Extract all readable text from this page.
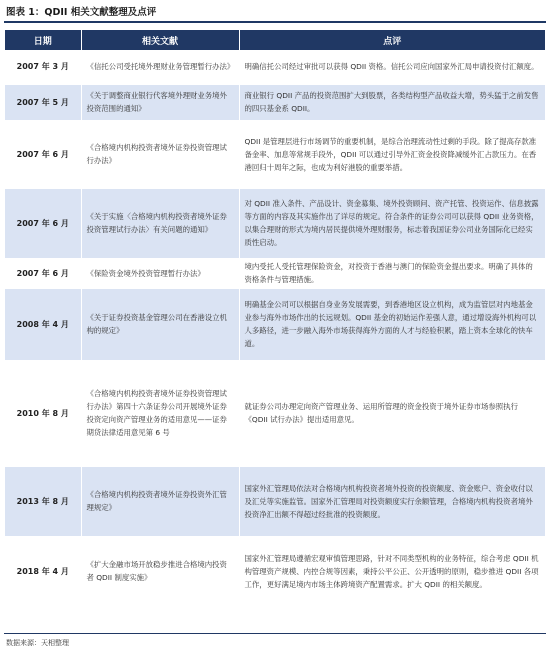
图表 1：QDII 相关文献整理及点评
日期	相关文献	点评
2007 年 3 月	《信托公司受托境外理财业务管理暂行办法》	明确信托公司经过审批可以获得 QDII 资格。信托公司应向国家外汇局申请投资付汇额度。
2007 年 5 月	《关于调整商业银行代客境外理财业务境外投资范围的通知》	商业银行 QDII 产品的投资范围扩大到股票，各类结构型产品收益大增，势头猛于之前发售的四只基金系 QDII。
2007 年 6 月	《合格境内机构投资者境外证券投资管理试行办法》	QDII 是管理层进行市场调节的重要机制，是综合治理流动性过剩的手段。除了提高存款准备金率、加息等常规手段外，QDII 可以通过引导外汇资金投资降减缓外汇占款压力。在香港回归十周年之际，也成为利好港股的重要举措。
2007 年 6 月	《关于实施〈合格境内机构投资者境外证券投资管理试行办法〉有关问题的通知》	对 QDII 准入条件、产品设计、资金募集、境外投资顾问、资产托管、投资运作、信息披露等方面的内容及其实施作出了详尽的规定。符合条件的证券公司可以获得 QDII 业务资格，以集合理财的形式为境内居民提供境外理财服务，标志着我国证券公司业务国际化已经实质性启动。
2007 年 6 月	《保险资金境外投资管理暂行办法》	境内受托人受托管理保险资金，对投资于香港与澳门的保险资金提出要求。明确了具体的资格条件与管理措施。
2008 年 4 月	《关于证券投资基金管理公司在香港设立机构的规定》	明确基金公司可以根据自身业务发展需要，到香港地区设立机构，成为监管层对内地基金业参与海外市场作出的长远规划。QDII 基金的初始运作差强人意，通过增设海外机构可以人多路径，进一步融入海外市场获得海外方面的人才与经验积累，踏上资本全球化的快车道。
2010 年 8 月	《合格境内机构投资者境外证券投资管理试行办法》第四十六条证券公司开展境外证券投资定向资产管理业务的适用意见——证券期货法律适用意见第 6 号	就证券公司办理定向资产管理业务、运用所管理的资金投资于境外证券市场参照执行《QDII 试行办法》提出适用意见。
2013 年 8 月	《合格境内机构投资者境外证券投资外汇管理规定》	国家外汇管理局依法对合格境内机构投资者境外投资的投资额度、资金账户、资金收付以及汇兑等实施监管。国家外汇管理局对投资额度实行余额管理，合格境内机构投资者境外投资净汇出额不得超过经批准的投资额度。
2018 年 4 月	《扩大金融市场开放稳步推进合格境内投资者 QDII 制度实施》	国家外汇管理局遵循宏观审慎管理思路，针对不同类型机构的业务特征，综合考虑 QDII 机构管理资产规模、内控合规等因素，秉持公平公正、公开透明的原则，稳步推进 QDII 各项工作，更好满足境内市场主体跨境资产配置需求。扩大 QDII 的相关额度。
数据来源：天相整理
